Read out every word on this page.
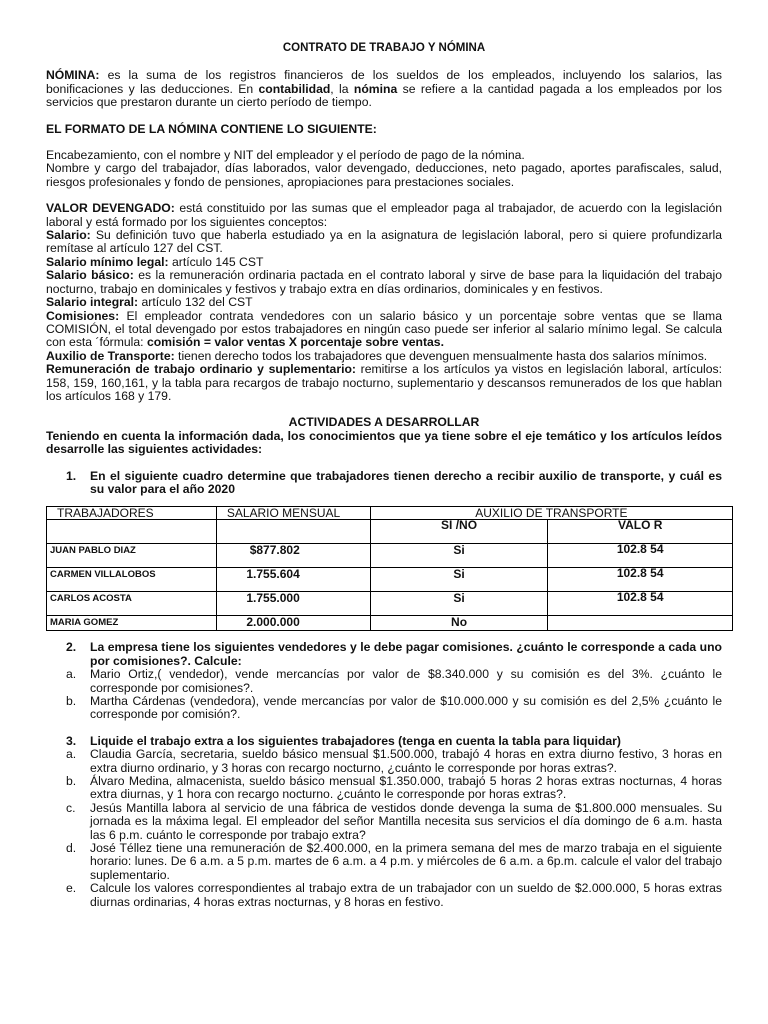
CONTRATO DE TRABAJO Y NÓMINA

NÓMINA: es la suma de los registros financieros de los sueldos de los empleados, incluyendo los salarios, las bonificaciones y las deducciones. En contabilidad, la nómina se refiere a la cantidad pagada a los empleados por los servicios que prestaron durante un cierto período de tiempo.

EL FORMATO DE LA NÓMINA CONTIENE LO SIGUIENTE:

Encabezamiento, con el nombre y NIT del empleador y el período de pago de la nómina.

Nombre y cargo del trabajador, días laborados, valor devengado, deducciones, neto pagado, aportes parafiscales, salud, riesgos profesionales y fondo de pensiones, apropiaciones para prestaciones sociales.

VALOR DEVENGADO: está constituido por las sumas que el empleador paga al trabajador, de acuerdo con la legislación laboral y está formado por los siguientes conceptos:

Salario: Su definición tuvo que haberla estudiado ya en la asignatura de legislación laboral, pero si quiere profundizarla remítase al artículo 127 del CST.

Salario mínimo legal: artículo 145 CST

Salario básico: es la remuneración ordinaria pactada en el contrato laboral y sirve de base para la liquidación del trabajo nocturno, trabajo en dominicales y festivos y trabajo extra en días ordinarios, dominicales y en festivos.

Salario integral: artículo 132 del CST

Comisiones: El empleador contrata vendedores con un salario básico y un porcentaje sobre ventas que se llama COMISIÓN, el total devengado por estos trabajadores en ningún caso puede ser inferior al salario mínimo legal. Se calcula con esta ´fórmula: comisión = valor ventas X porcentaje sobre ventas.

Auxilio de Transporte: tienen derecho todos los trabajadores que devenguen mensualmente hasta dos salarios mínimos.

Remuneración de trabajo ordinario y suplementario: remitirse a los artículos ya vistos en legislación laboral, artículos: 158, 159, 160,161, y la tabla para recargos de trabajo nocturno, suplementario y descansos remunerados de los que hablan los artículos 168 y 179.

ACTIVIDADES A DESARROLLAR

Teniendo en cuenta la información dada, los conocimientos que ya tiene sobre el eje temático y los artículos leídos desarrolle las siguientes actividades:

1.	En el siguiente cuadro determine que trabajadores tienen derecho a recibir auxilio de transporte, y cuál es su valor para el año 2020
TRABAJADORES	SALARIO MENSUAL	AUXILIO DE TRANSPORTE	
		SI /NO	VALO R
JUAN PABLO DIAZ	$877.802	Si	102.8 54
CARMEN VILLALOBOS	1.755.604	Si	102.8 54
CARLOS ACOSTA	1.755.000	Si	102.8 54
MARIA GOMEZ	2.000.000	No	
2.	La empresa tiene los siguientes vendedores y le debe pagar comisiones. ¿cuánto le corresponde a cada uno por comisiones?. Calcule:
a.	Mario Ortiz,( vendedor), vende mercancías por valor de $8.340.000 y su comisión es del 3%. ¿cuánto le corresponde por comisiones?.
b.	Martha Cárdenas (vendedora), vende mercancías por valor de $10.000.000 y su comisión es del 2,5% ¿cuánto le corresponde por comisión?.
3.	Liquide el trabajo extra a los siguientes trabajadores (tenga en cuenta la tabla para liquidar)
a.	Claudia García, secretaria, sueldo básico mensual $1.500.000, trabajó 4 horas en extra diurno festivo, 3 horas en extra diurno ordinario, y 3 horas con recargo nocturno, ¿cuánto le corresponde por horas extras?.
b.	Álvaro Medina, almacenista, sueldo básico mensual $1.350.000, trabajó 5 horas 2 horas extras nocturnas, 4 horas extra diurnas, y 1 hora con recargo nocturno. ¿cuánto le corresponde por horas extras?.
c.	Jesús Mantilla labora al servicio de una fábrica de vestidos donde devenga la suma de $1.800.000 mensuales. Su jornada es la máxima legal. El empleador del señor Mantilla necesita sus servicios el día domingo de 6 a.m. hasta las 6 p.m. cuánto le corresponde por trabajo extra?
d.	José Téllez tiene una remuneración de $2.400.000, en la primera semana del mes de marzo trabaja en el siguiente horario: lunes. De 6 a.m. a 5 p.m. martes de 6 a.m. a 4 p.m. y miércoles de 6 a.m. a 6p.m. calcule el valor del trabajo suplementario.
e.	Calcule los valores correspondientes al trabajo extra de un trabajador con un sueldo de $2.000.000, 5 horas extras diurnas ordinarias, 4 horas extras nocturnas, y 8 horas en festivo.
